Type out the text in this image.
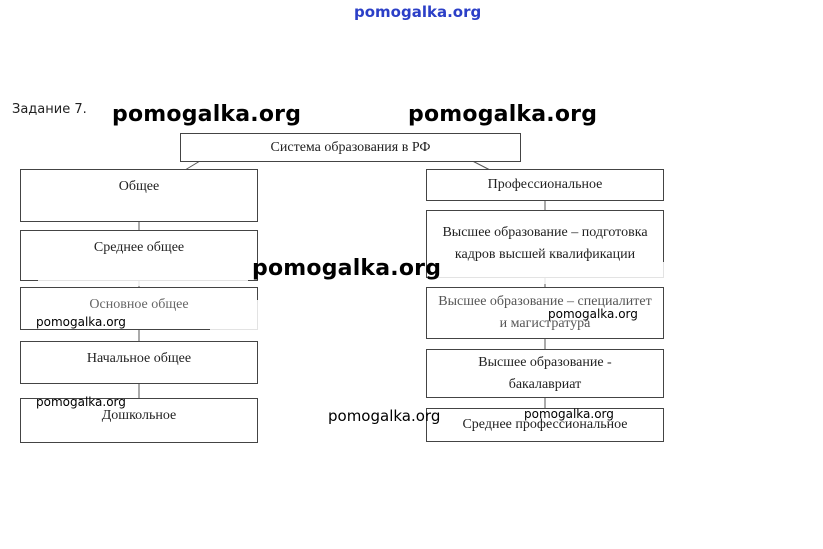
pomogalka.org
Задание 7.
Система образования в РФ
Общее
Среднее общее
Основное общее
Начальное общее
Дошкольное
Профессиональное
Высшее образование – подготовка кадров высшей квалификации
Высшее образование – специалитет и магистратура
Высшее образование - бакалавриат
Среднее профессиональное
pomogalka.org	pomogalka.org
pomogalka.org
pomogalka.org
pomogalka.org
pomogalka.org
pomogalka.org
pomogalka.org
